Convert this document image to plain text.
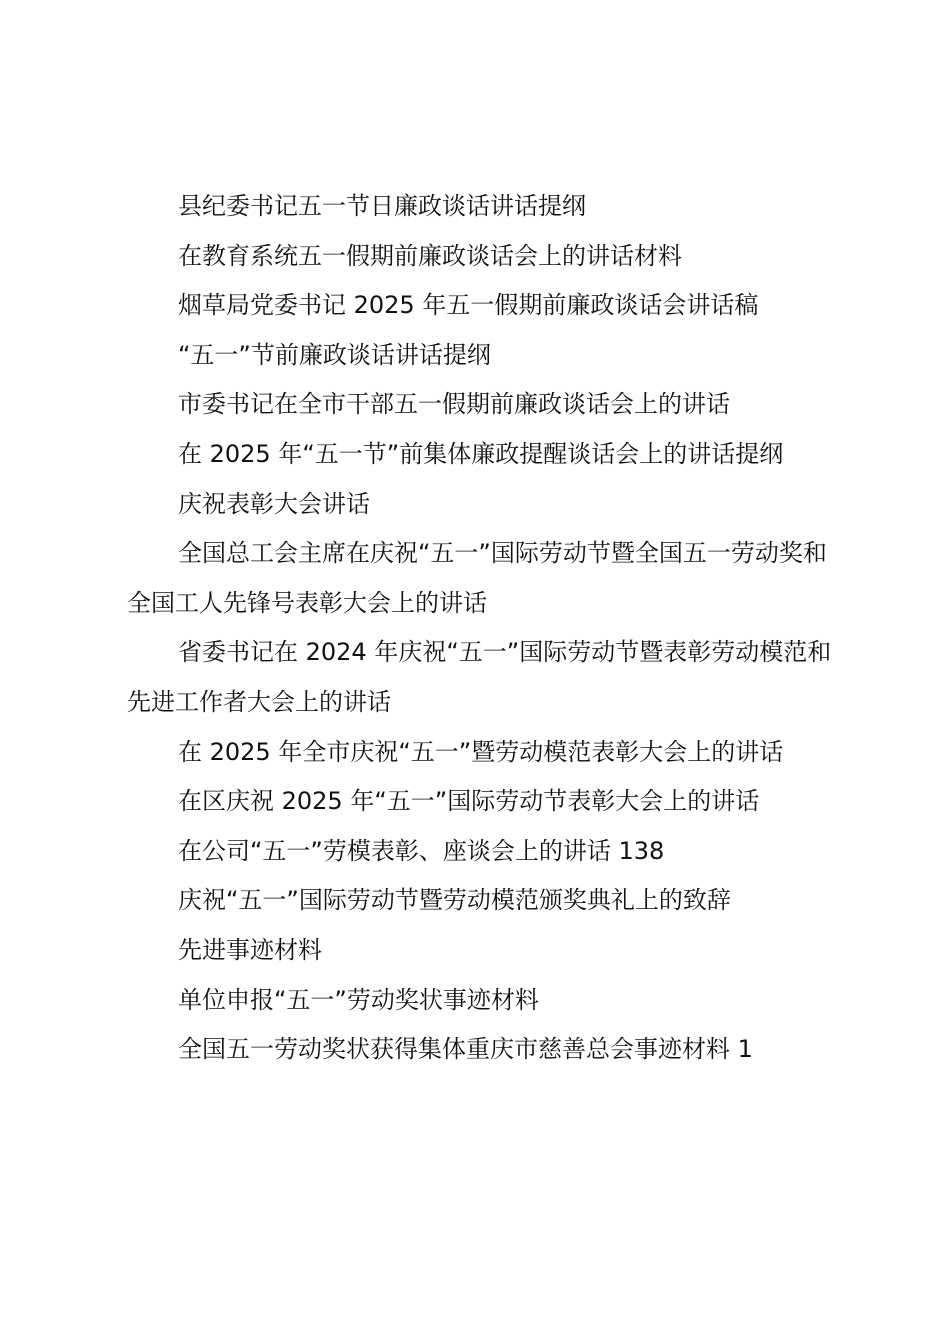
县纪委书记五一节日廉政谈话讲话提纲

在教育系统五一假期前廉政谈话会上的讲话材料

烟草局党委书记 2025 年五一假期前廉政谈话会讲话稿

“五一”节前廉政谈话讲话提纲

市委书记在全市干部五一假期前廉政谈话会上的讲话

在 2025 年“五一节”前集体廉政提醒谈话会上的讲话提纲

庆祝表彰大会讲话

全国总工会主席在庆祝“五一”国际劳动节暨全国五一劳动奖和全国工人先锋号表彰大会上的讲话

省委书记在 2024 年庆祝“五一”国际劳动节暨表彰劳动模范和先进工作者大会上的讲话

在 2025 年全市庆祝“五一”暨劳动模范表彰大会上的讲话

在区庆祝 2025 年“五一”国际劳动节表彰大会上的讲话

在公司“五一”劳模表彰、座谈会上的讲话 138

庆祝“五一”国际劳动节暨劳动模范颁奖典礼上的致辞

先进事迹材料

单位申报“五一”劳动奖状事迹材料

全国五一劳动奖状获得集体重庆市慈善总会事迹材料 1
